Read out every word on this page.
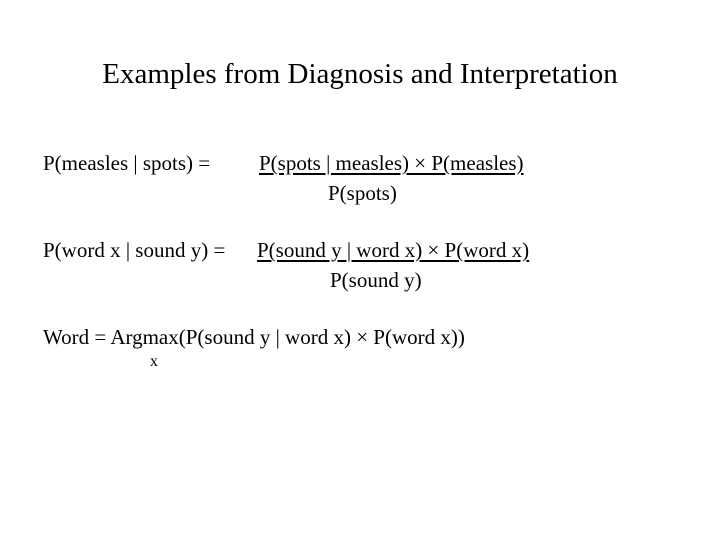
Examples from Diagnosis and Interpretation
P(measles | spots) = P(spots | measles) × P(measles)
P(spots)
P(word x | sound y) = P(sound y | word x) × P(word x)
P(sound y)
Word = Argmax(P(sound y | word x) × P(word x))
x
